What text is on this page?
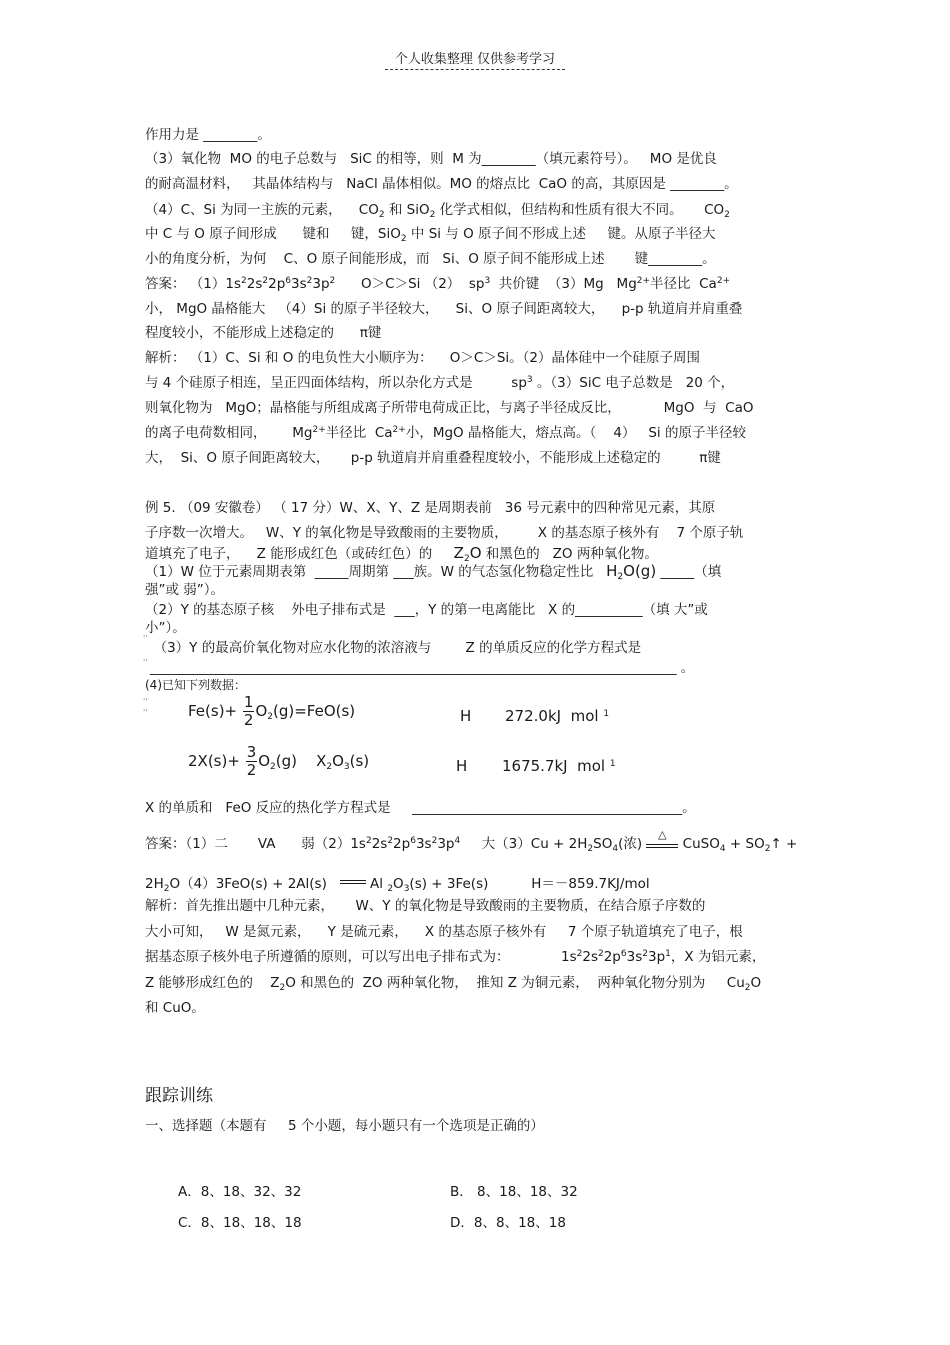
个人收集整理 仅供参考学习
作用力是 ________。
（3）氧化物  MO 的电子总数与   SiC 的相等，则  M 为________（填元素符号）。   MO 是优良
的耐高温材料，   其晶体结构与   NaCl 晶体相似。MO 的熔点比  CaO 的高，其原因是 ________。
（4）C、Si 为同一主族的元素，    $CO_2$ 和 SiO$_2$ 化学式相似，但结构和性质有很大不同。     $CO_2$
中 C 与 O 原子间形成      键和     键，SiO$_2$ 中 Si 与 O 原子间不形成上述     键。从原子半径大
小的角度分析，为何    C、O 原子间能形成，而   Si、O 原子间不能形成上述       键________。
答案： $(1)1s^22s^22p^63s^23p^2$      O＞C＞Si （2）  $sp^3$  共价键  （3）Mg   $Mg^{2+}$半径比  $Ca^{2+}$
小， MgO 晶格能大   （4）Si 的原子半径较大，    Si、O 原子间距离较大，    p-p 轨道肩并肩重叠
程度较小，不能形成上述稳定的      π键
解析： （1）C、Si 和 O 的电负性大小顺序为：    O＞C＞Si。（2）晶体硅中一个硅原子周围
与 4 个硅原子相连，呈正四面体结构，所以杂化方式是         $sp^3$ 。（3）SiC 电子总数是   20 个，
则氧化物为   MgO；晶格能与所组成离子所带电荷成正比，与离子半径成反比，          MgO  与  CaO
的离子电荷数相同，      $Mg^{2+}$半径比  $Ca^{2+}$小，MgO 晶格能大，熔点高。（    4）   Si 的原子半径较
大，  Si、O 原子间距离较大，     p-p 轨道肩并肩重叠程度较小，不能形成上述稳定的         π键
例 5. （09 安徽卷） （ 17 分）W、X、Y、Z 是周期表前   36 号元素中的四种常见元素，其原
子序数一次增大。   W、Y 的氧化物是导致酸雨的主要物质，       X 的基态原子核外有    7 个原子轨
道填充了电子，    Z 能形成红色（或砖红色）的     $Z_2O$ 和黑色的   ZO 两种氧化物。
（1）W 位于元素周期表第  _____周期第 ___族。W 的气态氢化物稳定性比   $H_2O(g)$ _____（填
强”或 弱”）。
（2）Y 的基态原子核    外电子排布式是  ___，Y 的第一电离能比   X 的__________（填 大”或
小”）。
''
（3）Y 的最高价氧化物对应水化物的浓溶液与        Z 的单质反应的化学方程式是
'' ______________________________________________________________________________ 。
(4)已知下列数据：
''
''	$Fe(s)+ \frac{1}{2} O_2(g)=FeO(s)$	H 272.0kJ  mol $^1$
$2X(s)+ \frac{3}{2} O_2(g)$    $X_2O_3(s)$	H 1675.7kJ  mol $^1$
X 的单质和   FeO 反应的热化学方程式是     ________________________________________。
答案：（1）二       VA      弱$(2)1s^22s^22p^63s^23p^4$     大$(3)Cu + 2H_2SO_4$(浓)
△
CuSO$_4$ + $SO_2↑$ +
$2H_2O(4)3FeO(s) + 2Al(s)$    Al $_2O_3(s) + 3Fe(s)$          H＝－859.7KJ/mol
解析：首先推出题中几种元素，     W、Y 的氧化物是导致酸雨的主要物质，在结合原子序数的
大小可知，   W 是氮元素，    Y 是硫元素，    X 的基态原子核外有     7 个原子轨道填充了电子，根
据基态原子核外电子所遵循的原则，可以写出电子排布式为：            $1s^22s^22p^63s^23p^1$，X 为铝元素，
Z 能够形成红色的    $Z_2O$ 和黑色的  ZO 两种氧化物，  推知 Z 为铜元素，  两种氧化物分别为     $Cu_2O$
和 CuO。
跟踪训练
一、选择题（本题有     5 个小题，每小题只有一个选项是正确的）
A．8、18、32、32	B． 8、18、18、32
C．8、18、18、18	D．8、8、18、18
